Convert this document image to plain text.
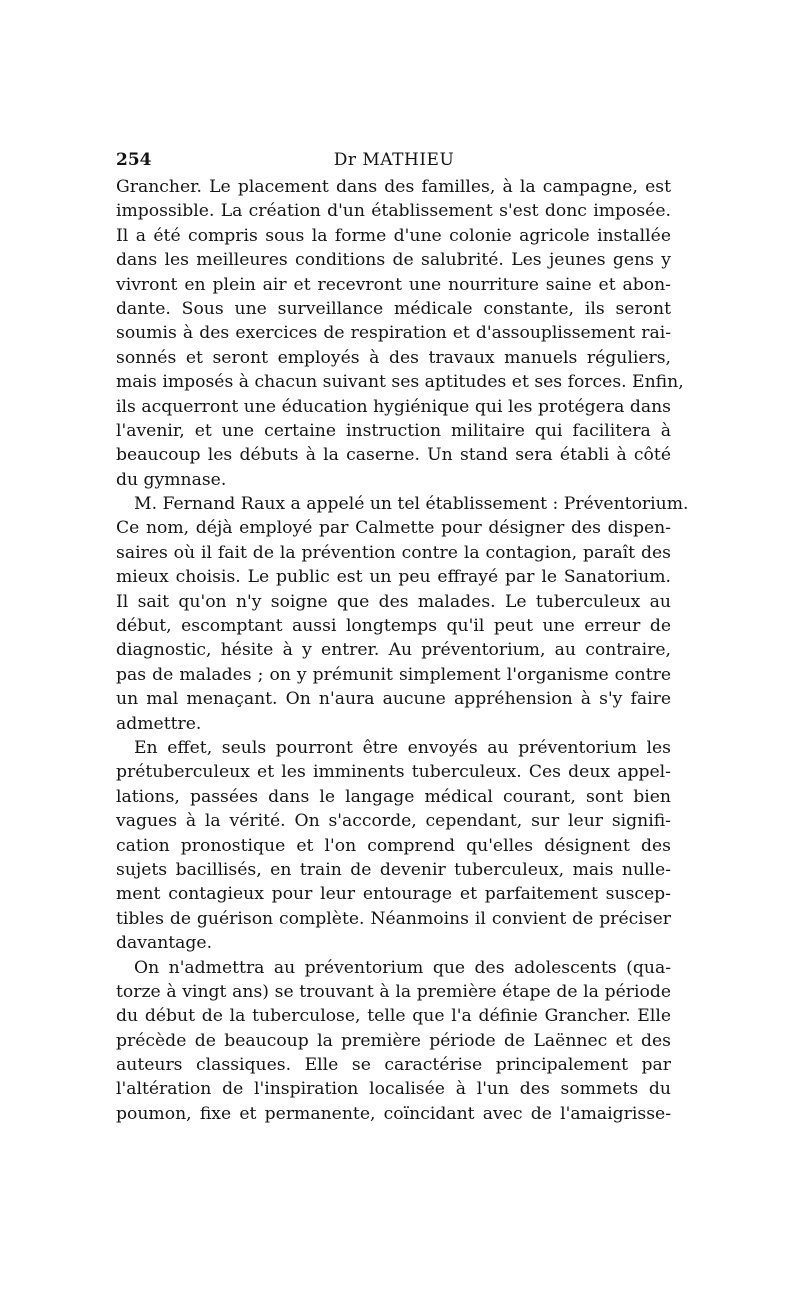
254	Dr MATHIEU
Grancher. Le placement dans des familles, à la campagne, est
impossible. La création d'un établissement s'est donc imposée.
Il a été compris sous la forme d'une colonie agricole installée
dans les meilleures conditions de salubrité. Les jeunes gens y
vivront en plein air et recevront une nourriture saine et abon-
dante. Sous une surveillance médicale constante, ils seront
soumis à des exercices de respiration et d'assouplissement rai-
sonnés et seront employés à des travaux manuels réguliers,
mais imposés à chacun suivant ses aptitudes et ses forces. Enfin,
ils acquerront une éducation hygiénique qui les protégera dans
l'avenir, et une certaine instruction militaire qui facilitera à
beaucoup les débuts à la caserne. Un stand sera établi à côté
du gymnase.
M. Fernand Raux a appelé un tel établissement : Préventorium.
Ce nom, déjà employé par Calmette pour désigner des dispen-
saires où il fait de la prévention contre la contagion, paraît des
mieux choisis. Le public est un peu effrayé par le Sanatorium.
Il sait qu'on n'y soigne que des malades. Le tuberculeux au
début, escomptant aussi longtemps qu'il peut une erreur de
diagnostic, hésite à y entrer. Au préventorium, au contraire,
pas de malades ; on y prémunit simplement l'organisme contre
un mal menaçant. On n'aura aucune appréhension à s'y faire
admettre.
En effet, seuls pourront être envoyés au préventorium les
prétuberculeux et les imminents tuberculeux. Ces deux appel-
lations, passées dans le langage médical courant, sont bien
vagues à la vérité. On s'accorde, cependant, sur leur signifi-
cation pronostique et l'on comprend qu'elles désignent des
sujets bacillisés, en train de devenir tuberculeux, mais nulle-
ment contagieux pour leur entourage et parfaitement suscep-
tibles de guérison complète. Néanmoins il convient de préciser
davantage.
On n'admettra au préventorium que des adolescents (qua-
torze à vingt ans) se trouvant à la première étape de la période
du début de la tuberculose, telle que l'a définie Grancher. Elle
précède de beaucoup la première période de Laënnec et des
auteurs classiques. Elle se caractérise principalement par
l'altération de l'inspiration localisée à l'un des sommets du
poumon, fixe et permanente, coïncidant avec de l'amaigrisse-
